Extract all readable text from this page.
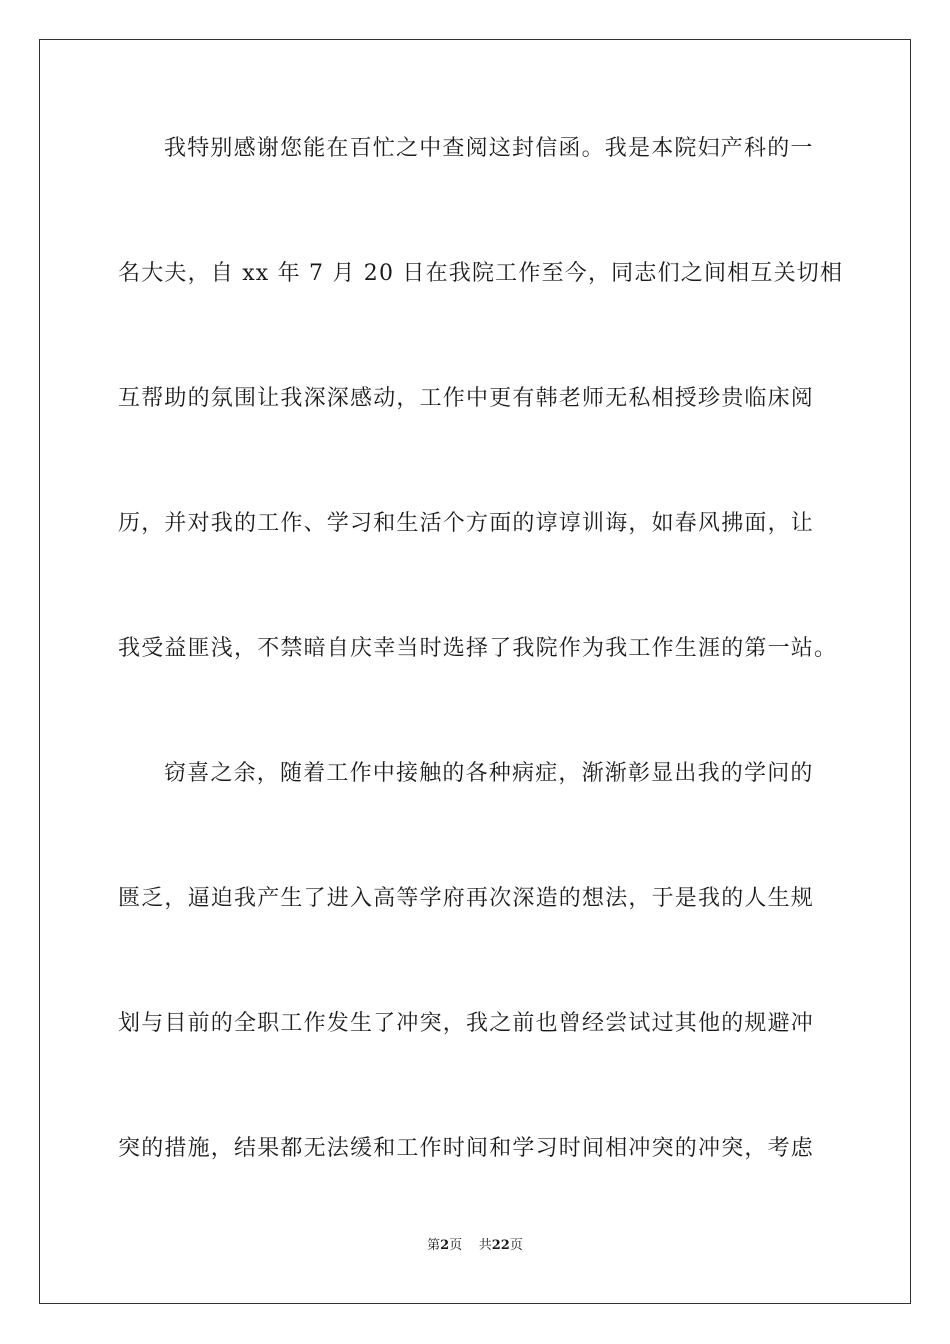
我特别感谢您能在百忙之中查阅这封信函。我是本院妇产科的一
名大夫，自 xx 年 7 月 20 日在我院工作至今，同志们之间相互关切相
互帮助的氛围让我深深感动，工作中更有韩老师无私相授珍贵临床阅
历，并对我的工作、学习和生活个方面的谆谆训诲，如春风拂面，让
我受益匪浅，不禁暗自庆幸当时选择了我院作为我工作生涯的第一站。
窃喜之余，随着工作中接触的各种病症，渐渐彰显出我的学问的
匮乏，逼迫我产生了进入高等学府再次深造的想法，于是我的人生规
划与目前的全职工作发生了冲突，我之前也曾经尝试过其他的规避冲
突的措施，结果都无法缓和工作时间和学习时间相冲突的冲突，考虑
第2页    共22页
